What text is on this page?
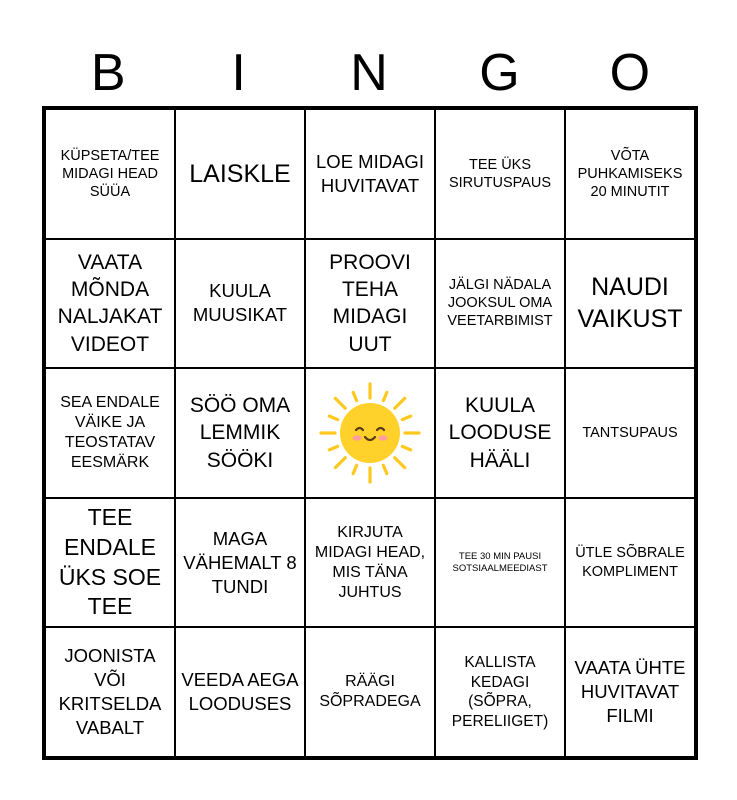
B	I	N	G	O
KÜPSETA/TEE MIDAGI HEAD SÜÜA
LAISKLE	LOE MIDAGI HUVITAVAT
TEE ÜKS SIRUTUSPAUS
VÕTA PUHKAMISEKS 20 MINUTIT
VAATA MÕNDA NALJAKAT VIDEOT
KUULA MUUSIKAT
PROOVI TEHA MIDAGI UUT
JÄLGI NÄDALA JOOKSUL OMA VEETARBIMIST
NAUDI VAIKUST
SEA ENDALE VÄIKE JA TEOSTATAV EESMÄRK
SÖÖ OMA LEMMIK SÖÖKI
KUULA LOODUSE HÄÄLI
TANTSUPAUS
TEE ENDALE ÜKS SOE TEE
MAGA VÄHEMALT 8 TUNDI
KIRJUTA MIDAGI HEAD, MIS TÄNA JUHTUS
TEE 30 MIN PAUSI SOTSIAALMEEDIAST
ÜTLE SÕBRALE KOMPLIMENT
JOONISTA VÕI KRITSELDA VABALT
VEEDA AEGA LOODUSES
RÄÄGI SÕPRADEGA
KALLISTA KEDAGI (SÕPRA, PERELIIGET)
VAATA ÜHTE HUVITAVAT FILMI
